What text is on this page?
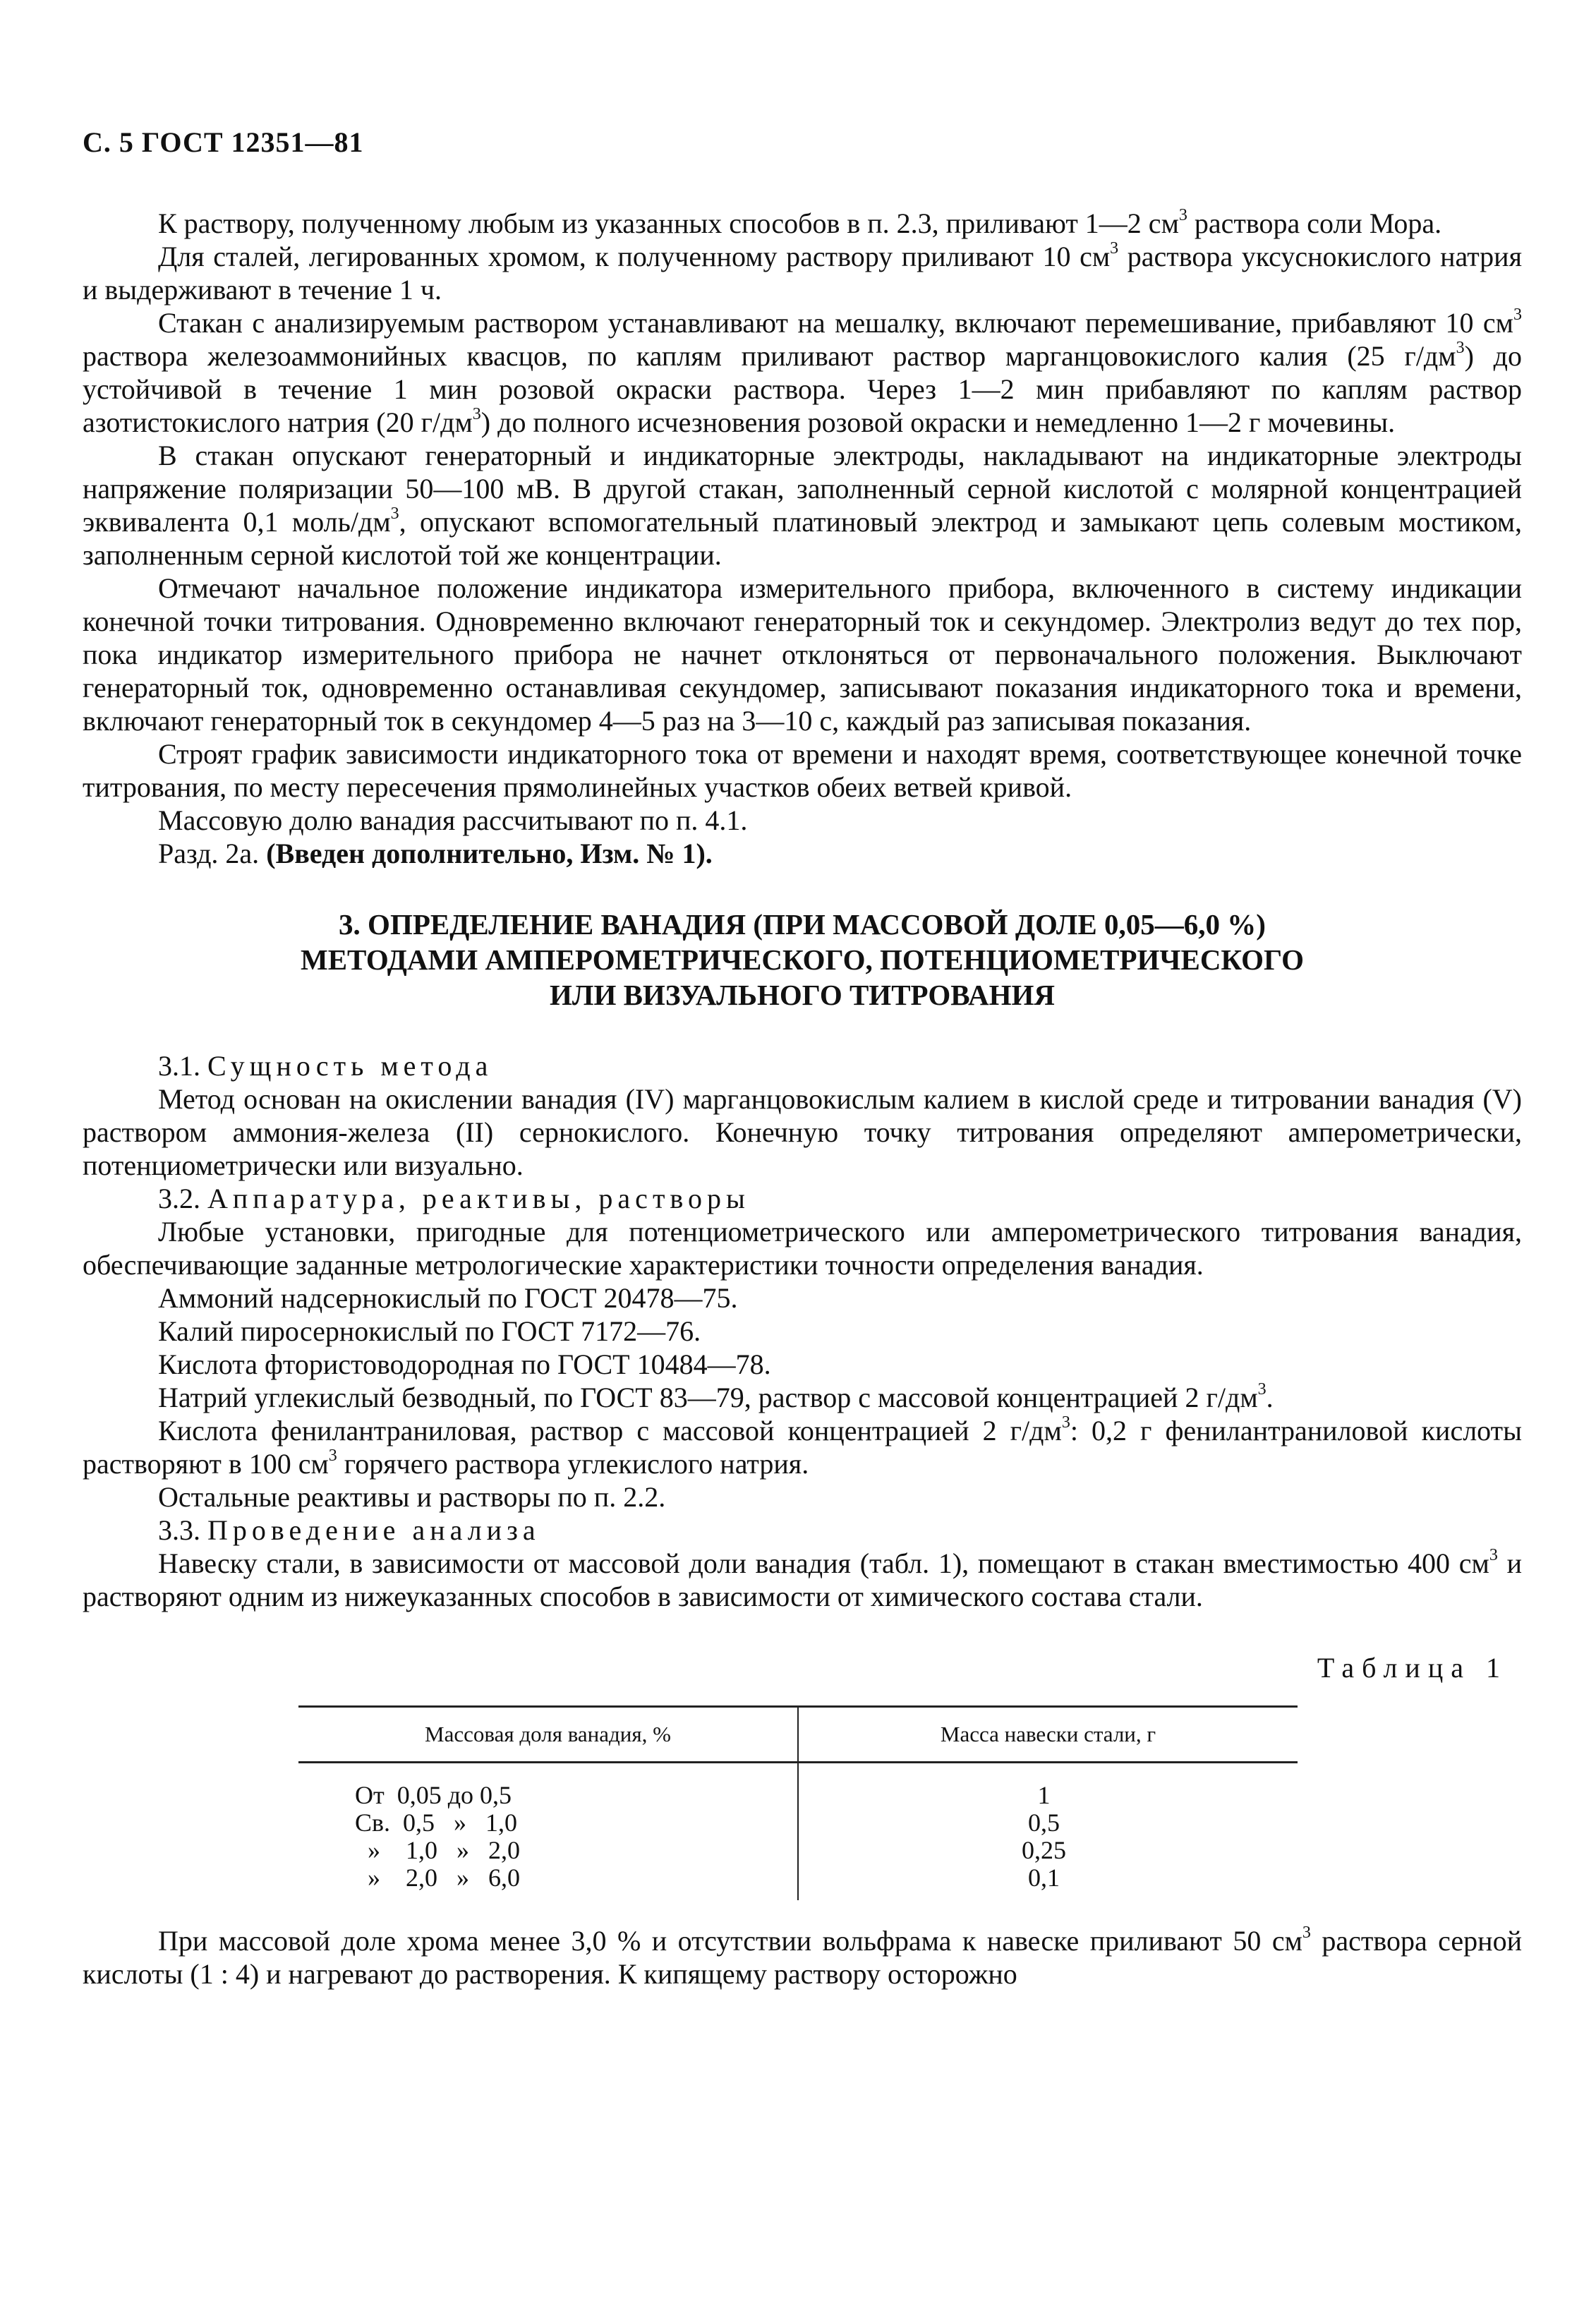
С. 5 ГОСТ 12351—81

К раствору, полученному любым из указанных способов в п. 2.3, приливают 1—2 $см^3$ раствора соли Мора.

Для сталей, легированных хромом, к полученному раствору приливают 10 $см^3$ раствора уксуснокислого натрия и выдерживают в течение 1 ч.

Стакан с анализируемым раствором устанавливают на мешалку, включают перемешивание, прибавляют 10 $см^3$ раствора железоаммонийных квасцов, по каплям приливают раствор марганцовокислого калия (25 $г/дм^3$) до устойчивой в течение 1 мин розовой окраски раствора. Через 1—2 мин прибавляют по каплям раствор азотистокислого натрия (20 $г/дм^3$) до полного исчезновения розовой окраски и немедленно 1—2 г мочевины.

В стакан опускают генераторный и индикаторные электроды, накладывают на индикаторные электроды напряжение поляризации 50—100 мВ. В другой стакан, заполненный серной кислотой с молярной концентрацией эквивалента 0,1 моль/$дм^3$, опускают вспомогательный платиновый электрод и замыкают цепь солевым мостиком, заполненным серной кислотой той же концентрации.

Отмечают начальное положение индикатора измерительного прибора, включенного в систему индикации конечной точки титрования. Одновременно включают генераторный ток и секундомер. Электролиз ведут до тех пор, пока индикатор измерительного прибора не начнет отклоняться от первоначального положения. Выключают генераторный ток, одновременно останавливая секундомер, записывают показания индикаторного тока и времени, включают генераторный ток в секундомер 4—5 раз на 3—10 с, каждый раз записывая показания.

Строят график зависимости индикаторного тока от времени и находят время, соответствующее конечной точке титрования, по месту пересечения прямолинейных участков обеих ветвей кривой.

Массовую долю ванадия рассчитывают по п. 4.1.

Разд. 2а. (Введен дополнительно, Изм. № 1).

3. ОПРЕДЕЛЕНИЕ ВАНАДИЯ (ПРИ МАССОВОЙ ДОЛЕ 0,05—6,0 %)
МЕТОДАМИ АМПЕРОМЕТРИЧЕСКОГО, ПОТЕНЦИОМЕТРИЧЕСКОГО
ИЛИ ВИЗУАЛЬНОГО ТИТРОВАНИЯ

3.1. Сущность метода

Метод основан на окислении ванадия (IV) марганцовокислым калием в кислой среде и титровании ванадия (V) раствором аммония-железа (II) сернокислого. Конечную точку титрования определяют амперометрически, потенциометрически или визуально.

3.2. Аппаратура, реактивы, растворы

Любые установки, пригодные для потенциометрического или амперометрического титрования ванадия, обеспечивающие заданные метрологические характеристики точности определения ванадия.

Аммоний надсернокислый по ГОСТ 20478—75.

Калий пиросернокислый по ГОСТ 7172—76.

Кислота фтористоводородная по ГОСТ 10484—78.

Натрий углекислый безводный, по ГОСТ 83—79, раствор с массовой концентрацией 2 $г/дм^3$.

Кислота фенилантраниловая, раствор с массовой концентрацией 2 $г/дм^3$: 0,2 г фенилантраниловой кислоты растворяют в 100 $см^3$ горячего раствора углекислого натрия.

Остальные реактивы и растворы по п. 2.2.

3.3. Проведение анализа

Навеску стали, в зависимости от массовой доли ванадия (табл. 1), помещают в стакан вместимостью 400 $см^3$ и растворяют одним из нижеуказанных способов в зависимости от химического состава стали.

Таблица 1
Массовая доля ванадия, %	Масса навески стали, г
От  0,05 до 0,5	1
Св.  0,5   »   1,0	0,5
»    1,0   »   2,0	0,25
»    2,0   »   6,0	0,1

При массовой доле хрома менее 3,0 % и отсутствии вольфрама к навеске приливают 50 $см^3$ раствора серной кислоты (1 : 4) и нагревают до растворения. К кипящему раствору осторожно
